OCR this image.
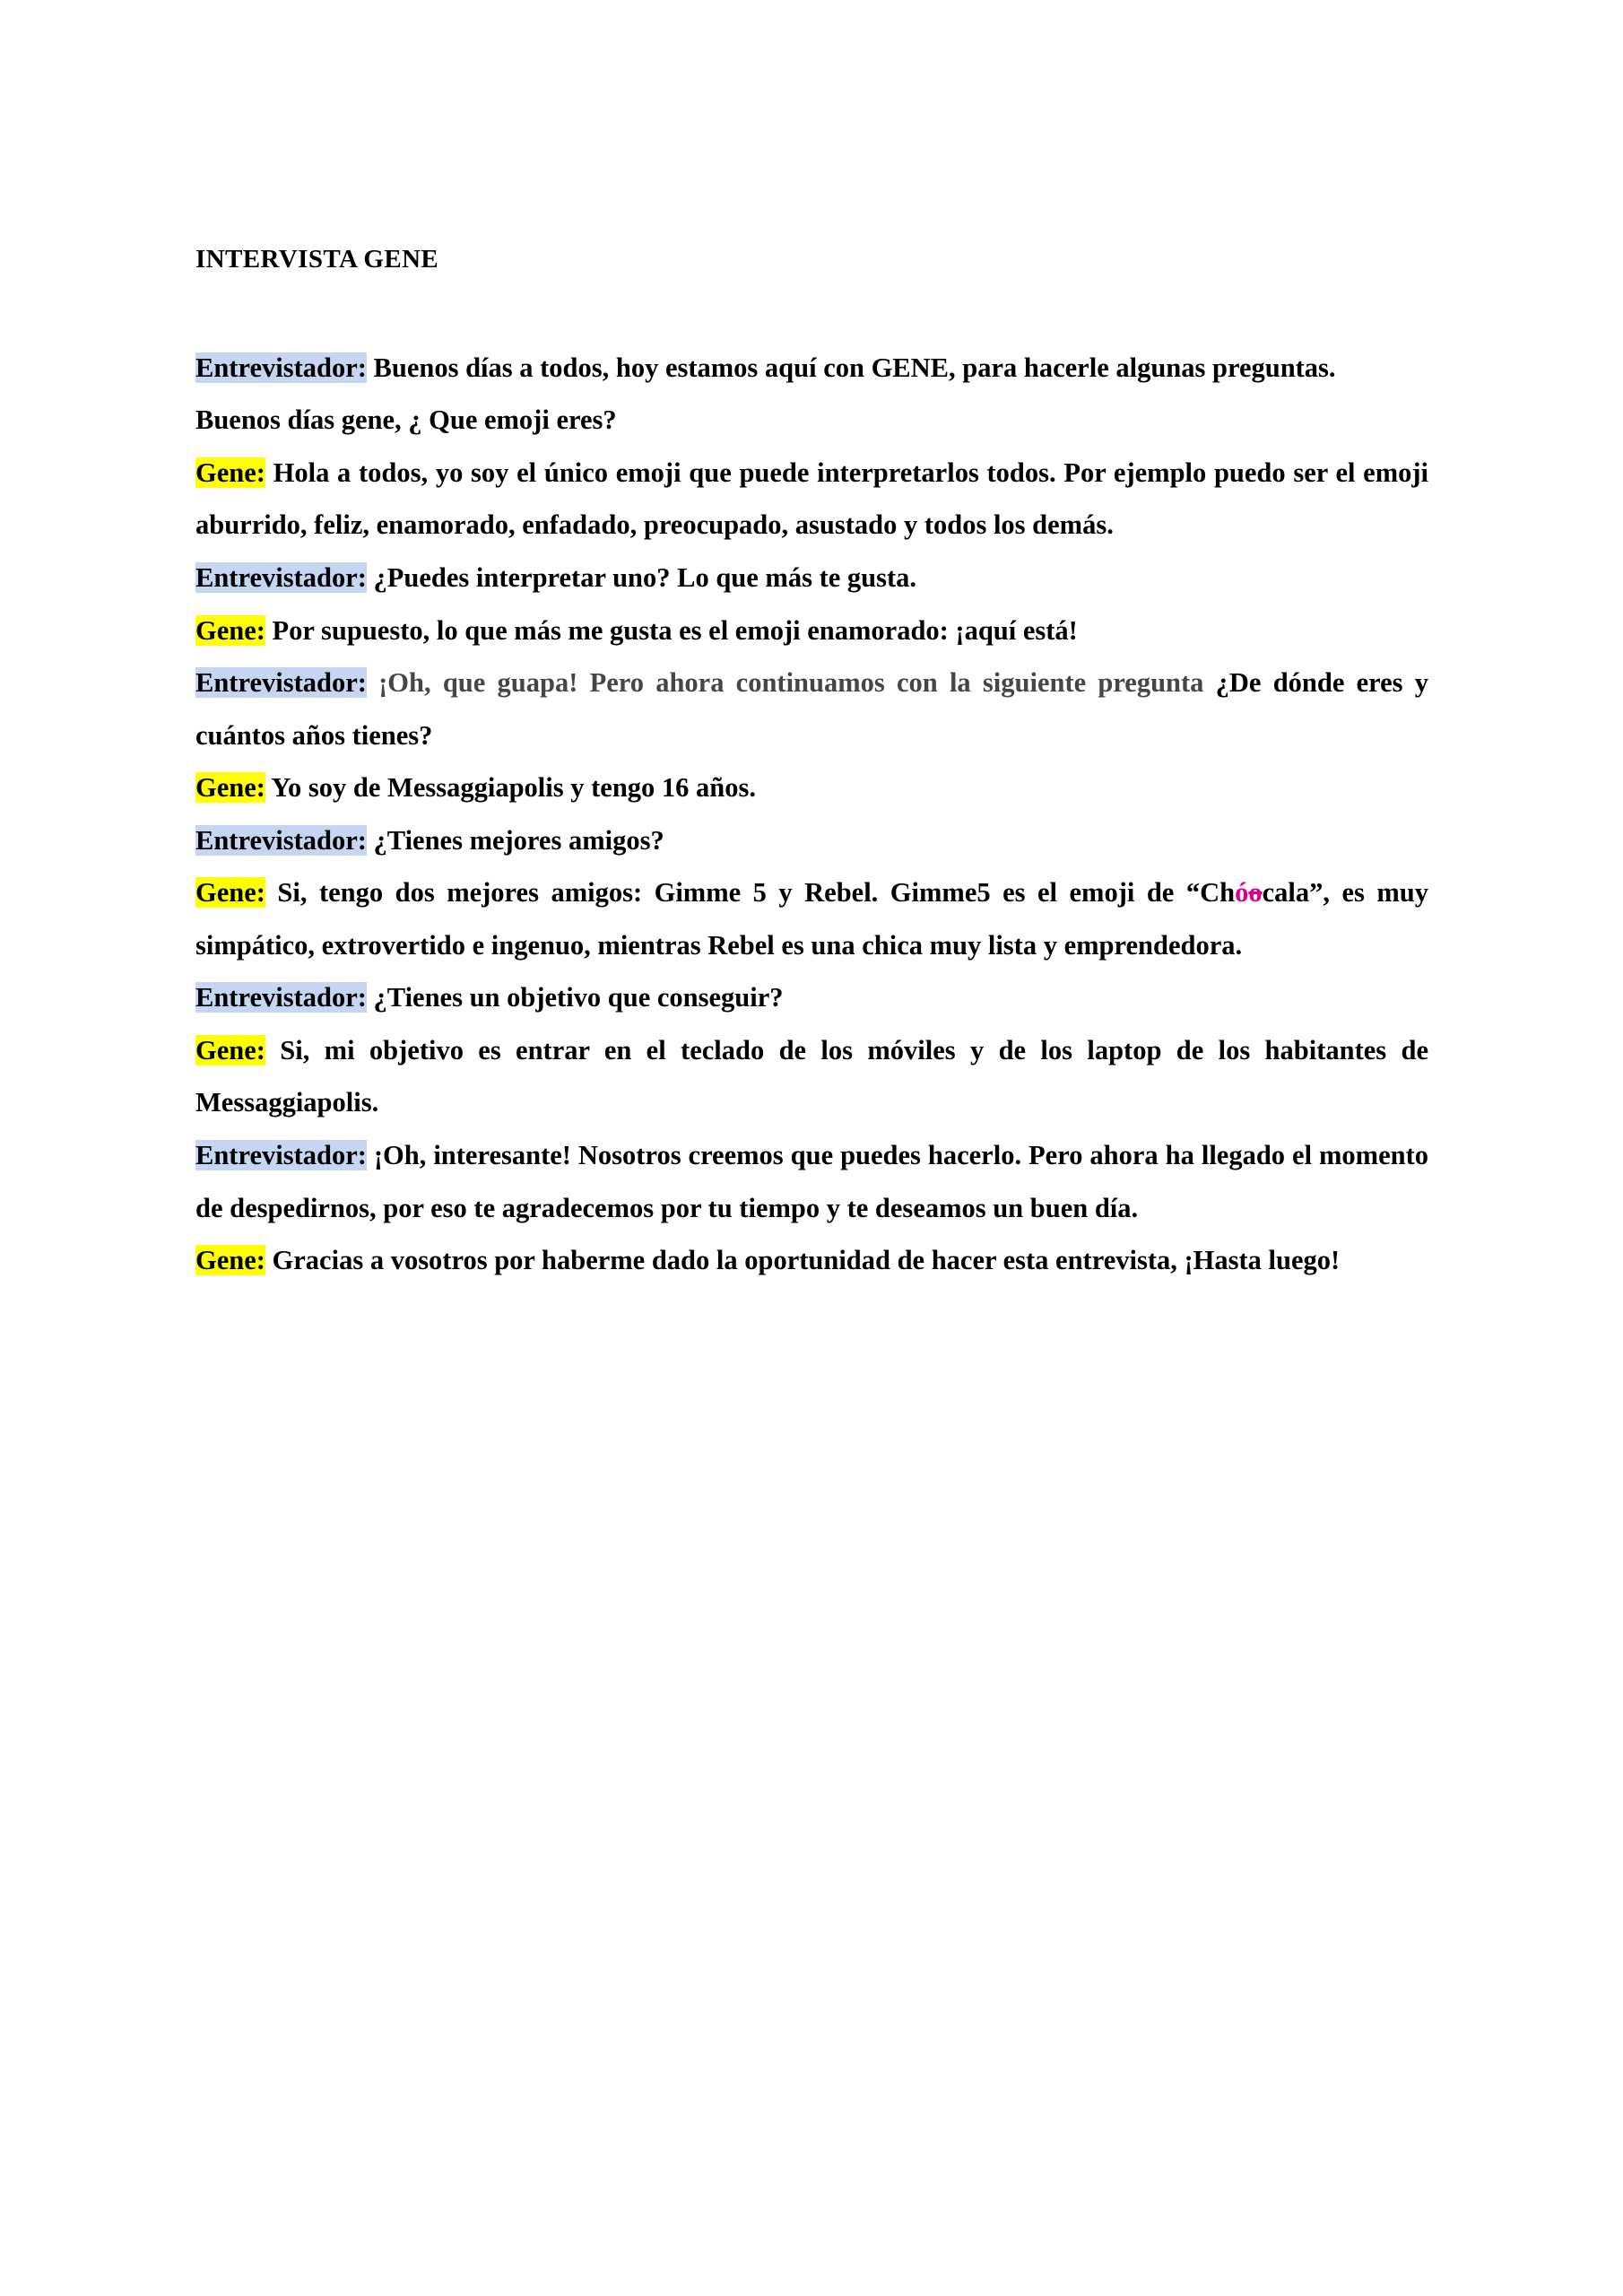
INTERVISTA GENE

Entrevistador: Buenos días a todos, hoy estamos aquí con GENE, para hacerle algunas preguntas.

Buenos días gene, ¿ Que emoji eres?

Gene: Hola a todos, yo soy el único emoji que puede interpretarlos todos. Por ejemplo puedo ser el emoji aburrido, feliz, enamorado, enfadado, preocupado, asustado y todos los demás.

Entrevistador: ¿Puedes interpretar uno? Lo que más te gusta.

Gene: Por supuesto, lo que más me gusta es el emoji enamorado: ¡aquí está!

Entrevistador: ¡Oh, que guapa! Pero ahora continuamos con la siguiente pregunta ¿De dónde eres y cuántos años tienes?

Gene: Yo soy de Messaggiapolis y tengo 16 años.

Entrevistador: ¿Tienes mejores amigos?

Gene: Si, tengo dos mejores amigos: Gimme 5 y Rebel. Gimme5 es el emoji de “Chóocala”, es muy simpático, extrovertido e ingenuo, mientras Rebel es una chica muy lista y emprendedora.

Entrevistador: ¿Tienes un objetivo que conseguir?

Gene: Si, mi objetivo es entrar en el teclado de los móviles y de los laptop de los habitantes de Messaggiapolis.

Entrevistador: ¡Oh, interesante! Nosotros creemos que puedes hacerlo. Pero ahora ha llegado el momento de despedirnos, por eso te agradecemos por tu tiempo y te deseamos un buen día.

Gene: Gracias a vosotros por haberme dado la oportunidad de hacer esta entrevista, ¡Hasta luego!
